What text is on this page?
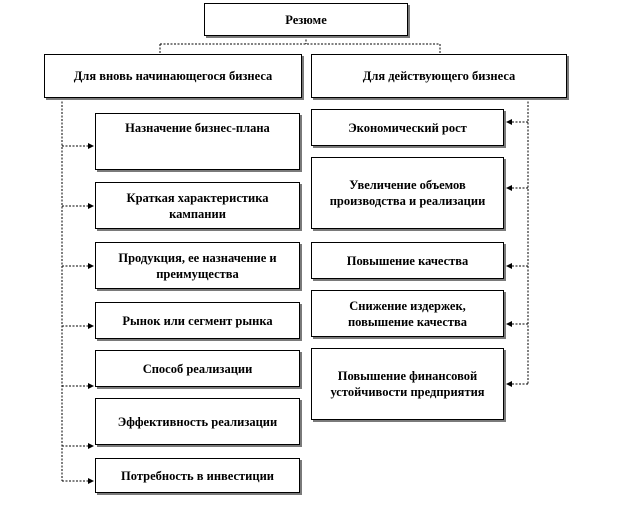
Резюме
Для вновь начинающегося бизнеса	Для действующего бизнеса
Назначение бизнес-плана
Краткая характеристика кампании
Продукция, ее назначение и преимущества
Рынок или сегмент рынка
Способ реализации
Эффективность реализации
Потребность в инвестиции
Экономический рост
Увеличение объемов производства и реализации
Повышение качества
Снижение издержек, повышение качества
Повышение финансовой устойчивости предприятия
